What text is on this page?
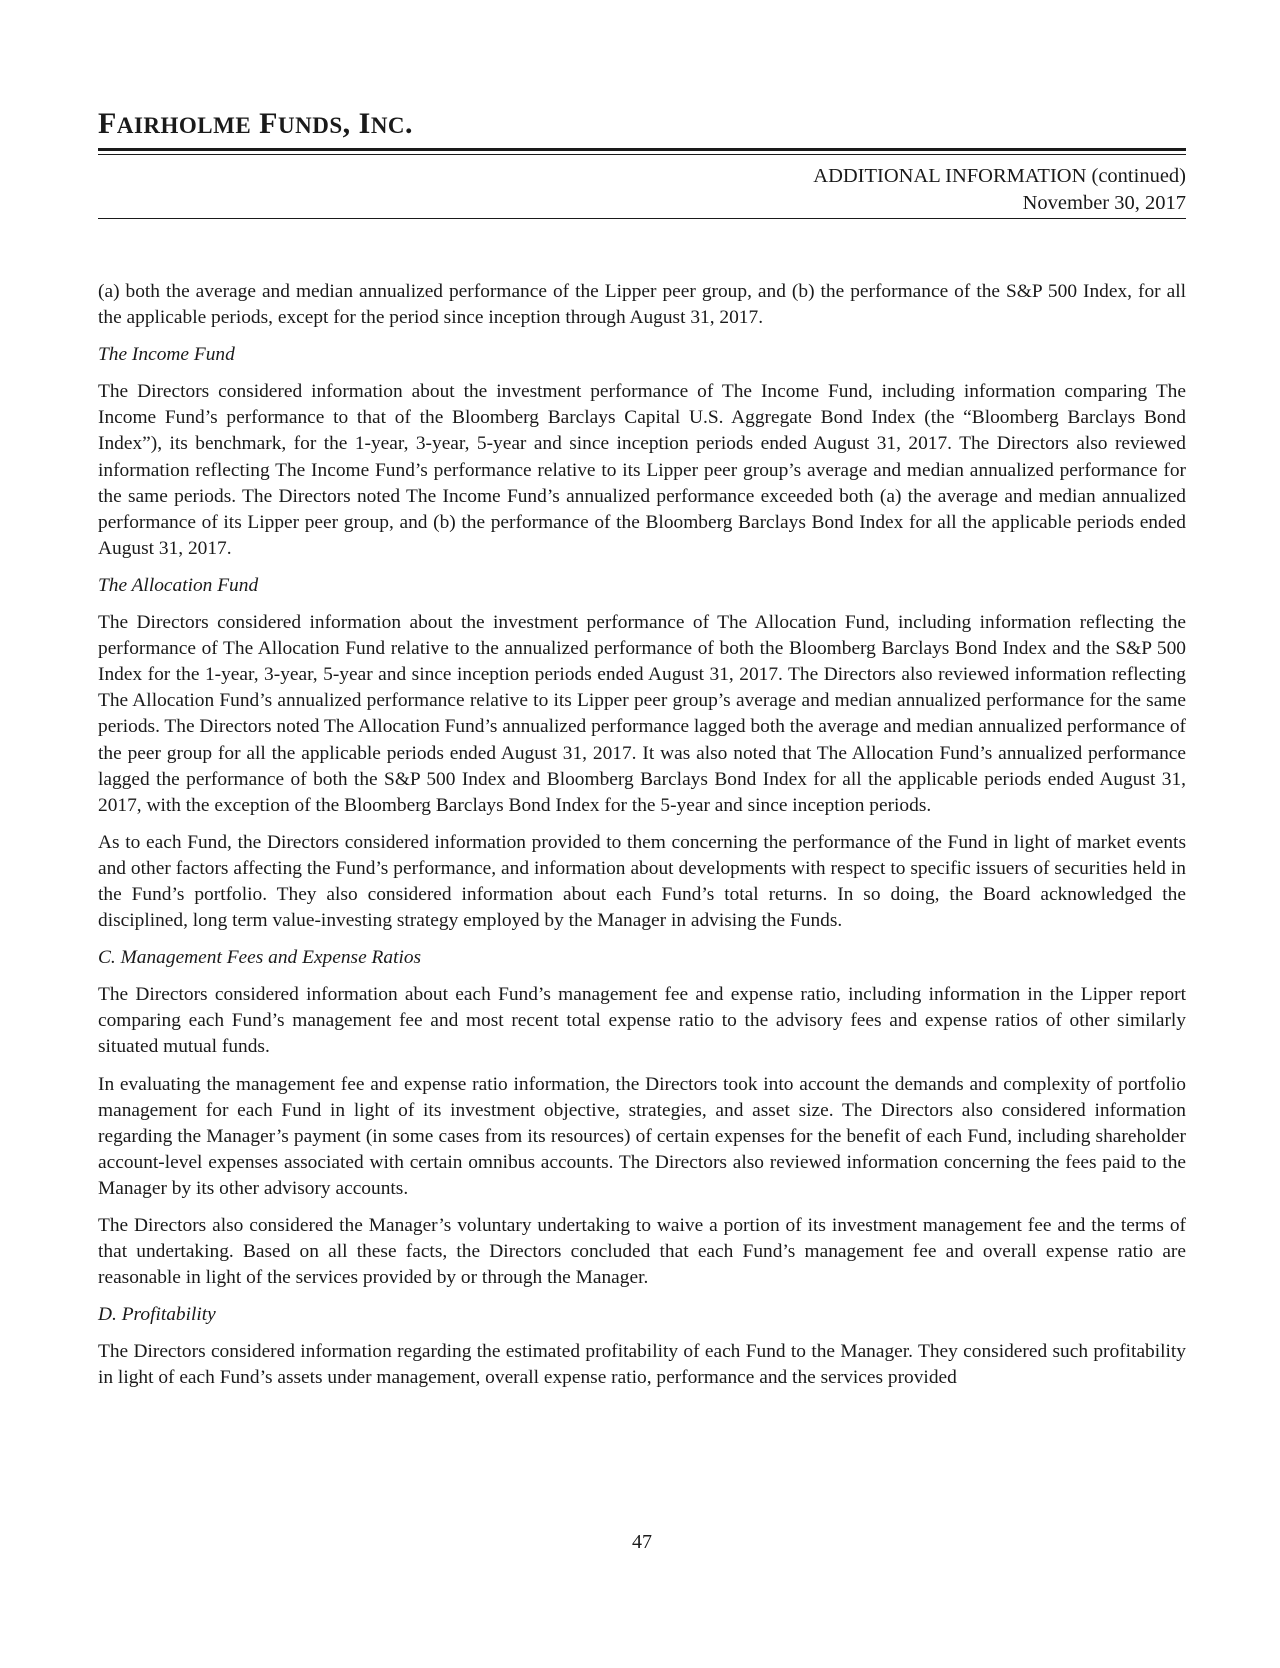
FAIRHOLME FUNDS, INC.
ADDITIONAL INFORMATION (continued)
November 30, 2017

(a) both the average and median annualized performance of the Lipper peer group, and (b) the performance of the S&P 500 Index, for all the applicable periods, except for the period since inception through August 31, 2017.

The Income Fund

The Directors considered information about the investment performance of The Income Fund, including information comparing The Income Fund’s performance to that of the Bloomberg Barclays Capital U.S. Aggregate Bond Index (the “Bloomberg Barclays Bond Index”), its benchmark, for the 1-year, 3-year, 5-year and since inception periods ended August 31, 2017. The Directors also reviewed information reflecting The Income Fund’s performance relative to its Lipper peer group’s average and median annualized performance for the same periods. The Directors noted The Income Fund’s annualized performance exceeded both (a) the average and median annualized performance of its Lipper peer group, and (b) the performance of the Bloomberg Barclays Bond Index for all the applicable periods ended August 31, 2017.

The Allocation Fund

The Directors considered information about the investment performance of The Allocation Fund, including information reflecting the performance of The Allocation Fund relative to the annualized performance of both the Bloomberg Barclays Bond Index and the S&P 500 Index for the 1-year, 3-year, 5-year and since inception periods ended August 31, 2017. The Directors also reviewed information reflecting The Allocation Fund’s annualized performance relative to its Lipper peer group’s average and median annualized performance for the same periods. The Directors noted The Allocation Fund’s annualized performance lagged both the average and median annualized performance of the peer group for all the applicable periods ended August 31, 2017. It was also noted that The Allocation Fund’s annualized performance lagged the performance of both the S&P 500 Index and Bloomberg Barclays Bond Index for all the applicable periods ended August 31, 2017, with the exception of the Bloomberg Barclays Bond Index for the 5-year and since inception periods.

As to each Fund, the Directors considered information provided to them concerning the performance of the Fund in light of market events and other factors affecting the Fund’s performance, and information about developments with respect to specific issuers of securities held in the Fund’s portfolio. They also considered information about each Fund’s total returns. In so doing, the Board acknowledged the disciplined, long term value-investing strategy employed by the Manager in advising the Funds.

C. Management Fees and Expense Ratios

The Directors considered information about each Fund’s management fee and expense ratio, including information in the Lipper report comparing each Fund’s management fee and most recent total expense ratio to the advisory fees and expense ratios of other similarly situated mutual funds.

In evaluating the management fee and expense ratio information, the Directors took into account the demands and complexity of portfolio management for each Fund in light of its investment objective, strategies, and asset size. The Directors also considered information regarding the Manager’s payment (in some cases from its resources) of certain expenses for the benefit of each Fund, including shareholder account-level expenses associated with certain omnibus accounts. The Directors also reviewed information concerning the fees paid to the Manager by its other advisory accounts.

The Directors also considered the Manager’s voluntary undertaking to waive a portion of its investment management fee and the terms of that undertaking. Based on all these facts, the Directors concluded that each Fund’s management fee and overall expense ratio are reasonable in light of the services provided by or through the Manager.

D. Profitability

The Directors considered information regarding the estimated profitability of each Fund to the Manager. They considered such profitability in light of each Fund’s assets under management, overall expense ratio, performance and the services provided

47
